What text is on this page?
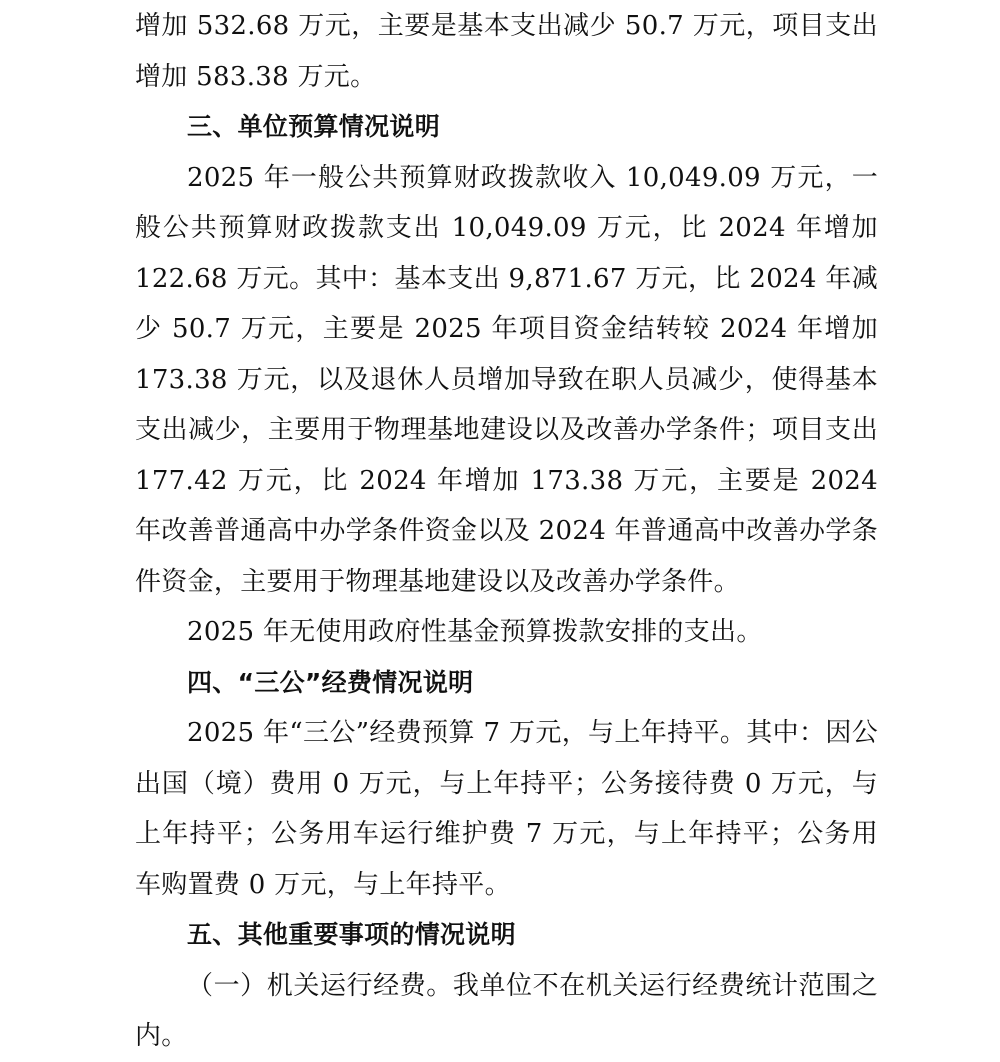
增加 532.68 万元，主要是基本支出减少 50.7 万元，项目支出增加 583.38 万元。

三、单位预算情况说明

2025 年一般公共预算财政拨款收入 10,049.09 万元，一般公共预算财政拨款支出 10,049.09 万元，比 2024 年增加 122.68 万元。其中：基本支出 9,871.67 万元，比 2024 年减少 50.7 万元，主要是 2025 年项目资金结转较 2024 年增加 173.38 万元，以及退休人员增加导致在职人员减少，使得基本支出减少，主要用于物理基地建设以及改善办学条件；项目支出 177.42 万元，比 2024 年增加 173.38 万元，主要是 2024 年改善普通高中办学条件资金以及 2024 年普通高中改善办学条件资金，主要用于物理基地建设以及改善办学条件。

2025 年无使用政府性基金预算拨款安排的支出。

四、“三公”经费情况说明

2025 年“三公”经费预算 7 万元，与上年持平。其中：因公出国（境）费用 0 万元，与上年持平；公务接待费 0 万元，与上年持平；公务用车运行维护费 7 万元，与上年持平；公务用车购置费 0 万元，与上年持平。

五、其他重要事项的情况说明

（一）机关运行经费。我单位不在机关运行经费统计范围之内。
